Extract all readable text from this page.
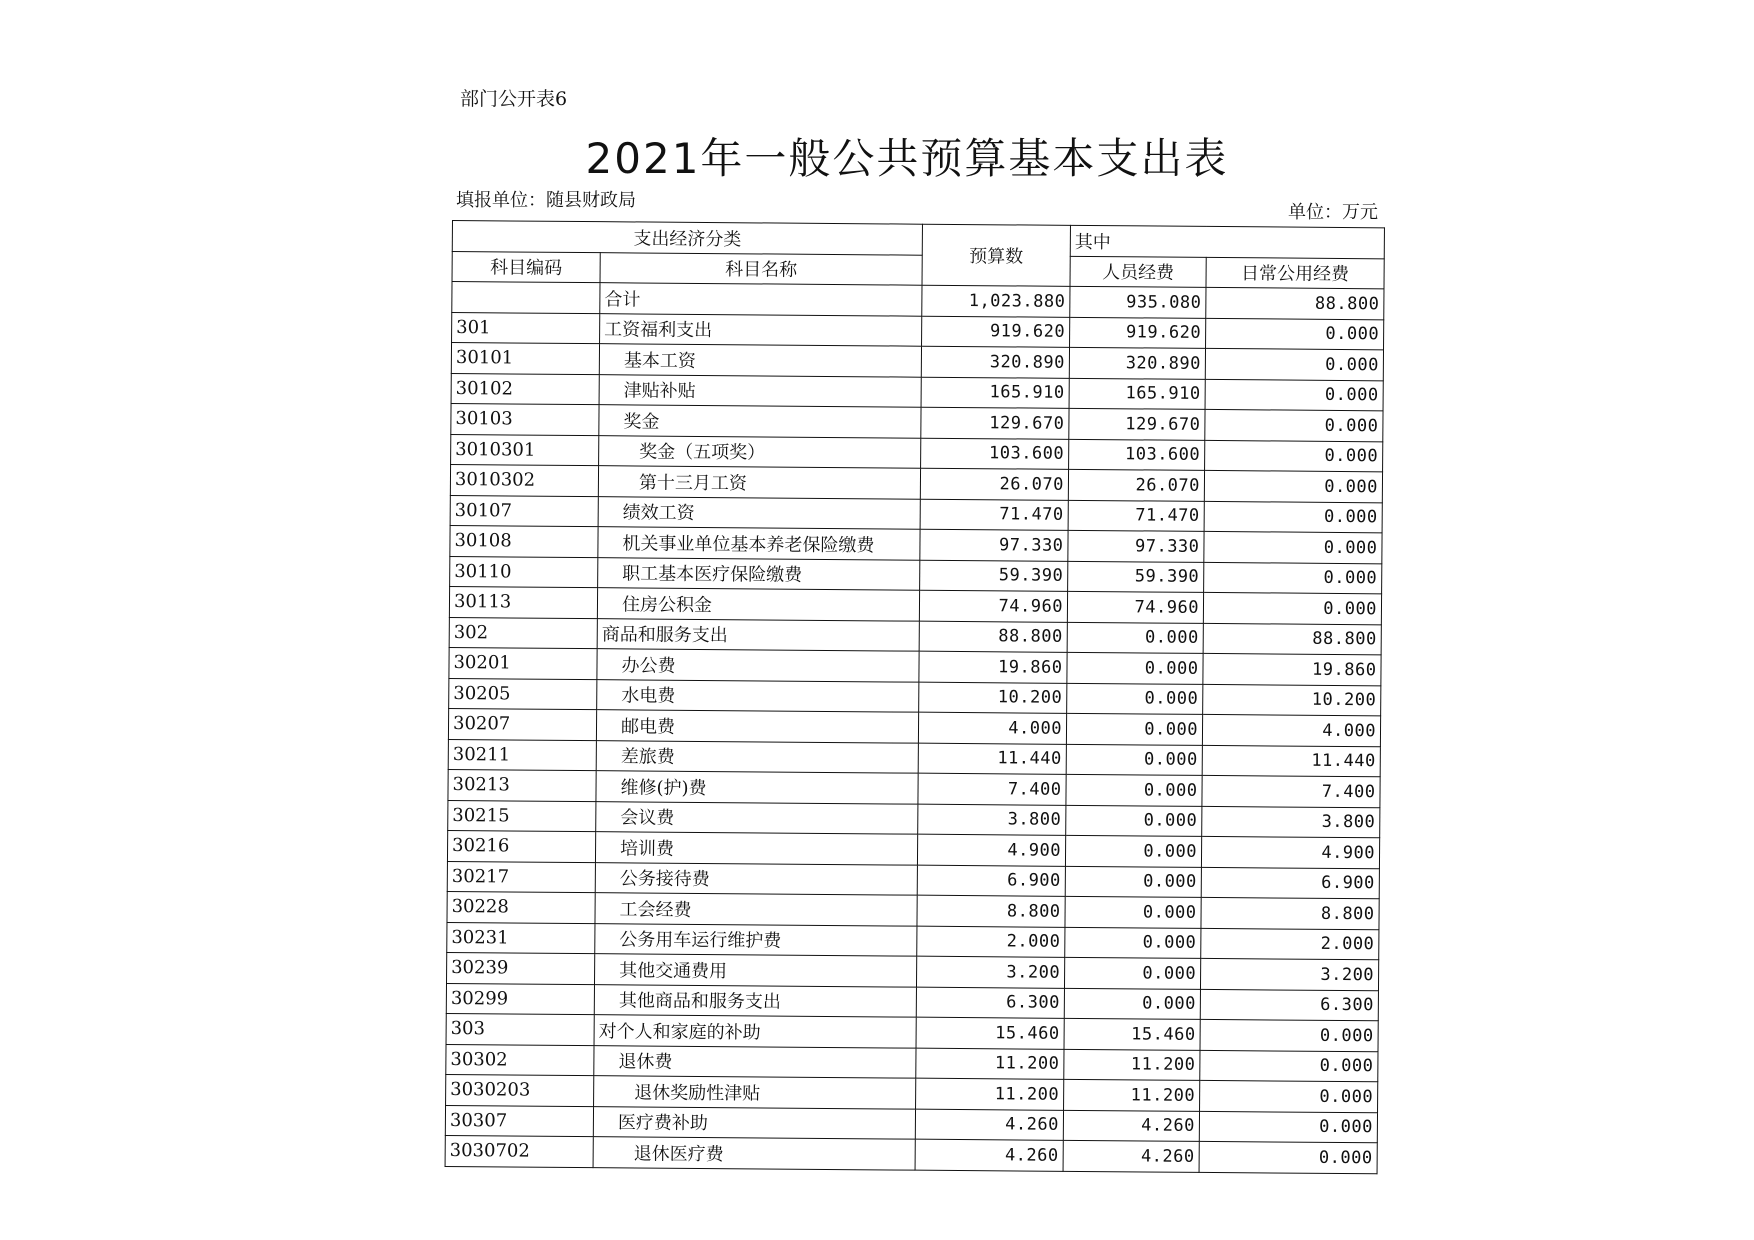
部门公开表6
2021年一般公共预算基本支出表
填报单位：随县财政局
单位：万元
支出经济分类		预算数	其中	
科目编码	科目名称		人员经费	日常公用经费
	合计	1,023.880	935.080	88.800
301	工资福利支出	919.620	919.620	0.000
30101	基本工资	320.890	320.890	0.000
30102	津贴补贴	165.910	165.910	0.000
30103	奖金	129.670	129.670	0.000
3010301	奖金（五项奖）	103.600	103.600	0.000
3010302	第十三月工资	26.070	26.070	0.000
30107	绩效工资	71.470	71.470	0.000
30108	机关事业单位基本养老保险缴费	97.330	97.330	0.000
30110	职工基本医疗保险缴费	59.390	59.390	0.000
30113	住房公积金	74.960	74.960	0.000
302	商品和服务支出	88.800	0.000	88.800
30201	办公费	19.860	0.000	19.860
30205	水电费	10.200	0.000	10.200
30207	邮电费	4.000	0.000	4.000
30211	差旅费	11.440	0.000	11.440
30213	维修(护)费	7.400	0.000	7.400
30215	会议费	3.800	0.000	3.800
30216	培训费	4.900	0.000	4.900
30217	公务接待费	6.900	0.000	6.900
30228	工会经费	8.800	0.000	8.800
30231	公务用车运行维护费	2.000	0.000	2.000
30239	其他交通费用	3.200	0.000	3.200
30299	其他商品和服务支出	6.300	0.000	6.300
303	对个人和家庭的补助	15.460	15.460	0.000
30302	退休费	11.200	11.200	0.000
3030203	退休奖励性津贴	11.200	11.200	0.000
30307	医疗费补助	4.260	4.260	0.000
3030702	退休医疗费	4.260	4.260	0.000
